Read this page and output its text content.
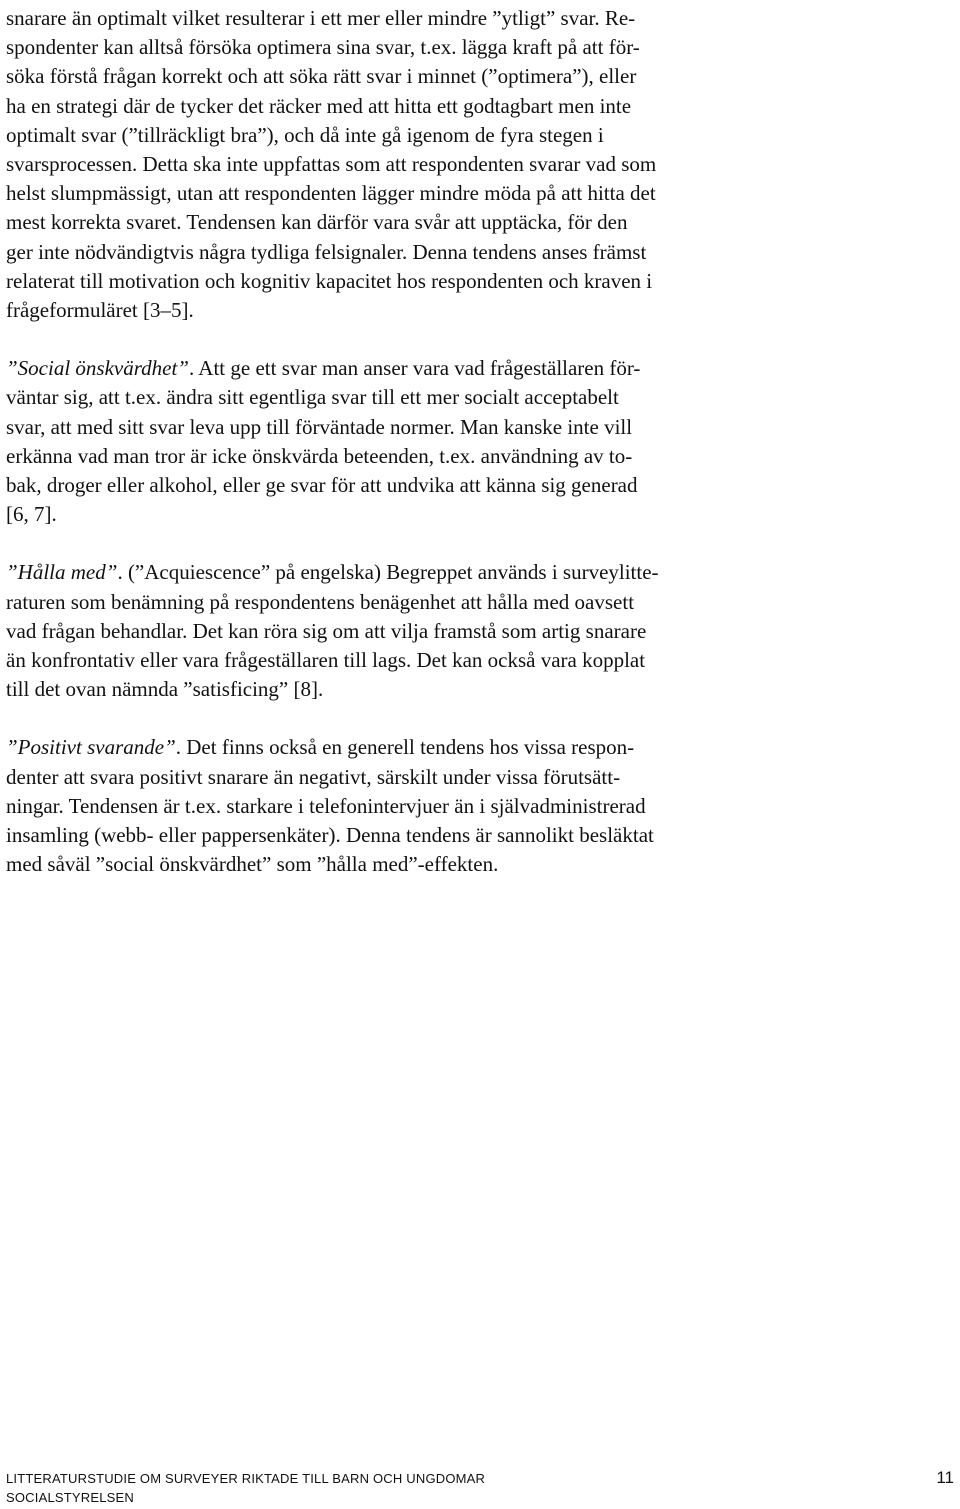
snarare än optimalt vilket resulterar i ett mer eller mindre ”ytligt” svar. Re-
spondenter kan alltså försöka optimera sina svar, t.ex. lägga kraft på att för-
söka förstå frågan korrekt och att söka rätt svar i minnet (”optimera”), eller
ha en strategi där de tycker det räcker med att hitta ett godtagbart men inte
optimalt svar (”tillräckligt bra”), och då inte gå igenom de fyra stegen i
svarsprocessen. Detta ska inte uppfattas som att respondenten svarar vad som
helst slumpmässigt, utan att respondenten lägger mindre möda på att hitta det
mest korrekta svaret. Tendensen kan därför vara svår att upptäcka, för den
ger inte nödvändigtvis några tydliga felsignaler. Denna tendens anses främst
relaterat till motivation och kognitiv kapacitet hos respondenten och kraven i
frågeformuläret [3–5].

”Social önskvärdhet”. Att ge ett svar man anser vara vad frågeställaren för-
väntar sig, att t.ex. ändra sitt egentliga svar till ett mer socialt acceptabelt
svar, att med sitt svar leva upp till förväntade normer. Man kanske inte vill
erkänna vad man tror är icke önskvärda beteenden, t.ex. användning av to-
bak, droger eller alkohol, eller ge svar för att undvika att känna sig generad
[6, 7].

”Hålla med”. (”Acquiescence” på engelska) Begreppet används i surveylitte-
raturen som benämning på respondentens benägenhet att hålla med oavsett
vad frågan behandlar. Det kan röra sig om att vilja framstå som artig snarare
än konfrontativ eller vara frågeställaren till lags. Det kan också vara kopplat
till det ovan nämnda ”satisficing” [8].

”Positivt svarande”. Det finns också en generell tendens hos vissa respon-
denter att svara positivt snarare än negativt, särskilt under vissa förutsätt-
ningar. Tendensen är t.ex. starkare i telefonintervjuer än i självadministrerad
insamling (webb- eller pappersenkäter). Denna tendens är sannolikt besläktat
med såväl ”social önskvärdhet” som ”hålla med”-effekten.

LITTERATURSTUDIE OM SURVEYER RIKTADE TILL BARN OCH UNGDOMAR
SOCIALSTYRELSEN
11
